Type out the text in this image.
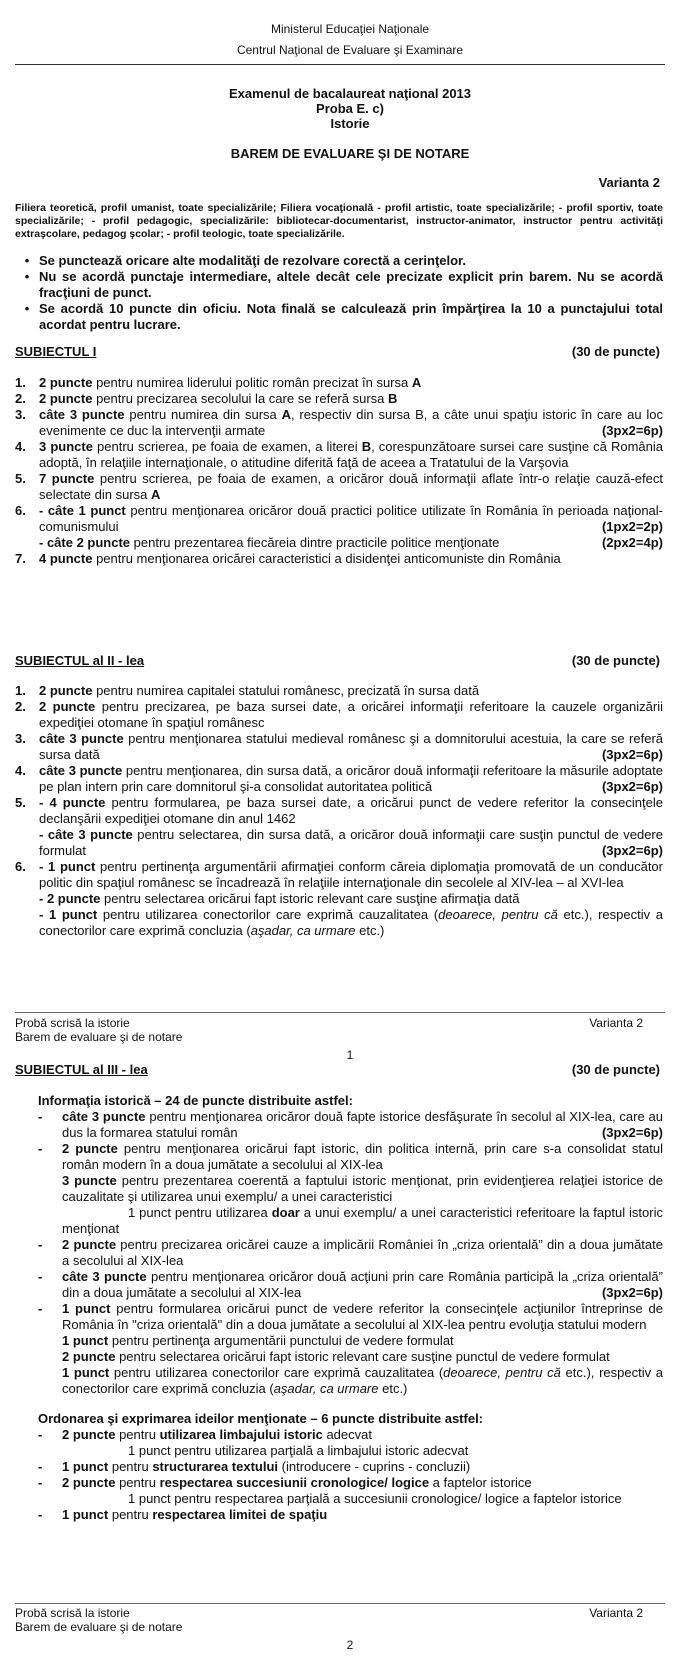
Ministerul Educaţiei Naţionale
Centrul Naţional de Evaluare şi Examinare
Examenul de bacalaureat naţional 2013
Proba E. c)
Istorie
BAREM DE EVALUARE ŞI DE NOTARE
Varianta 2
Filiera teoretică, profil umanist, toate specializările; Filiera vocaţională - profil artistic, toate specializările; - profil sportiv, toate specializările; - profil pedagogic, specializările: bibliotecar-documentarist, instructor-animator, instructor pentru activităţi extraşcolare, pedagog şcolar; - profil teologic, toate specializările.
• Se punctează oricare alte modalităţi de rezolvare corectă a cerinţelor.
• Nu se acordă punctaje intermediare, altele decât cele precizate explicit prin barem. Nu se acordă fracţiuni de punct.
• Se acordă 10 puncte din oficiu. Nota finală se calculează prin împărţirea la 10 a punctajului total acordat pentru lucrare.
SUBIECTUL I	(30 de puncte)
1.	2 puncte pentru numirea liderului politic român precizat în sursa A
2.	2 puncte pentru precizarea secolului la care se referă sursa B
3.	câte 3 puncte pentru numirea din sursa A, respectiv din sursa B, a câte unui spaţiu istoric în care au loc evenimente ce duc la intervenţii armate	(3px2=6p)
4.	3 puncte pentru scrierea, pe foaia de examen, a literei B, corespunzătoare sursei care susţine că România adoptă, în relaţiile internaţionale, o atitudine diferită faţă de aceea a Tratatului de la Varşovia
5.	7 puncte pentru scrierea, pe foaia de examen, a oricăror două informaţii aflate într-o relaţie cauză-efect selectate din sursa A
6.	- câte 1 punct pentru menţionarea oricăror două practici politice utilizate în România în perioada naţional-comunismului	(1px2=2p)
- câte 2 puncte pentru prezentarea fiecăreia dintre practicile politice menţionate	(2px2=4p)
7.	4 puncte pentru menţionarea oricărei caracteristici a disidenţei anticomuniste din România
SUBIECTUL al II - lea	(30 de puncte)
1.	2 puncte pentru numirea capitalei statului românesc, precizată în sursa dată
2.	2 puncte pentru precizarea, pe baza sursei date, a oricărei informaţii referitoare la cauzele organizării expediţiei otomane în spaţiul românesc
3.	câte 3 puncte pentru menţionarea statului medieval românesc şi a domnitorului acestuia, la care se referă sursa dată	(3px2=6p)
4.	câte 3 puncte pentru menţionarea, din sursa dată, a oricăror două informaţii referitoare la măsurile adoptate pe plan intern prin care domnitorul şi-a consolidat autoritatea politică	(3px2=6p)
5.	- 4 puncte pentru formularea, pe baza sursei date, a oricărui punct de vedere referitor la consecinţele declanşării expediţiei otomane din anul 1462
- câte 3 puncte pentru selectarea, din sursa dată, a oricăror două informaţii care susţin punctul de vedere formulat	(3px2=6p)
6.	- 1 punct pentru pertinenţa argumentării afirmaţiei conform căreia diplomaţia promovată de un conducător politic din spaţiul românesc se încadrează în relaţiile internaţionale din secolele al XIV-lea – al XVI-lea
- 2 puncte pentru selectarea oricărui fapt istoric relevant care susţine afirmaţia dată
- 1 punct pentru utilizarea conectorilor care exprimă cauzalitatea (deoarece, pentru că etc.), respectiv a conectorilor care exprimă concluzia (aşadar, ca urmare etc.)
Probă scrisă la istorie
Barem de evaluare şi de notare
Varianta 2
1
SUBIECTUL al III - lea	(30 de puncte)
Informaţia istorică – 24 de puncte distribuite astfel:
-	câte 3 puncte pentru menţionarea oricăror două fapte istorice desfăşurate în secolul al XIX-lea, care au dus la formarea statului român	(3px2=6p)
-	2 puncte pentru menţionarea oricărui fapt istoric, din politica internă, prin care s-a consolidat statul român modern în a doua jumătate a secolului al XIX-lea
3 puncte pentru prezentarea coerentă a faptului istoric menţionat, prin evidenţierea relaţiei istorice de cauzalitate şi utilizarea unui exemplu/ a unei caracteristici
1 punct pentru utilizarea doar a unui exemplu/ a unei caracteristici referitoare la faptul istoric menţionat
-	2 puncte pentru precizarea oricărei cauze a implicării României în „criza orientală” din a doua jumătate a secolului al XIX-lea
-	câte 3 puncte pentru menţionarea oricăror două acţiuni prin care România participă la „criza orientală” din a doua jumătate a secolului al XIX-lea	(3px2=6p)
-	1 punct pentru formularea oricărui punct de vedere referitor la consecinţele acţiunilor întreprinse de România în "criza orientală" din a doua jumătate a secolului al XIX-lea pentru evoluţia statului modern
1 punct pentru pertinenţa argumentării punctului de vedere formulat
2 puncte pentru selectarea oricărui fapt istoric relevant care susţine punctul de vedere formulat
1 punct pentru utilizarea conectorilor care exprimă cauzalitatea (deoarece, pentru că etc.), respectiv a conectorilor care exprimă concluzia (aşadar, ca urmare etc.)
Ordonarea şi exprimarea ideilor menţionate – 6 puncte distribuite astfel:
-	2 puncte pentru utilizarea limbajului istoric adecvat
1 punct pentru utilizarea parţială a limbajului istoric adecvat
-	1 punct pentru structurarea textului (introducere - cuprins - concluzii)
-	2 puncte pentru respectarea succesiunii cronologice/ logice a faptelor istorice
1 punct pentru respectarea parţială a succesiunii cronologice/ logice a faptelor istorice
-	1 punct pentru respectarea limitei de spaţiu
Probă scrisă la istorie
Barem de evaluare şi de notare
Varianta 2
2
